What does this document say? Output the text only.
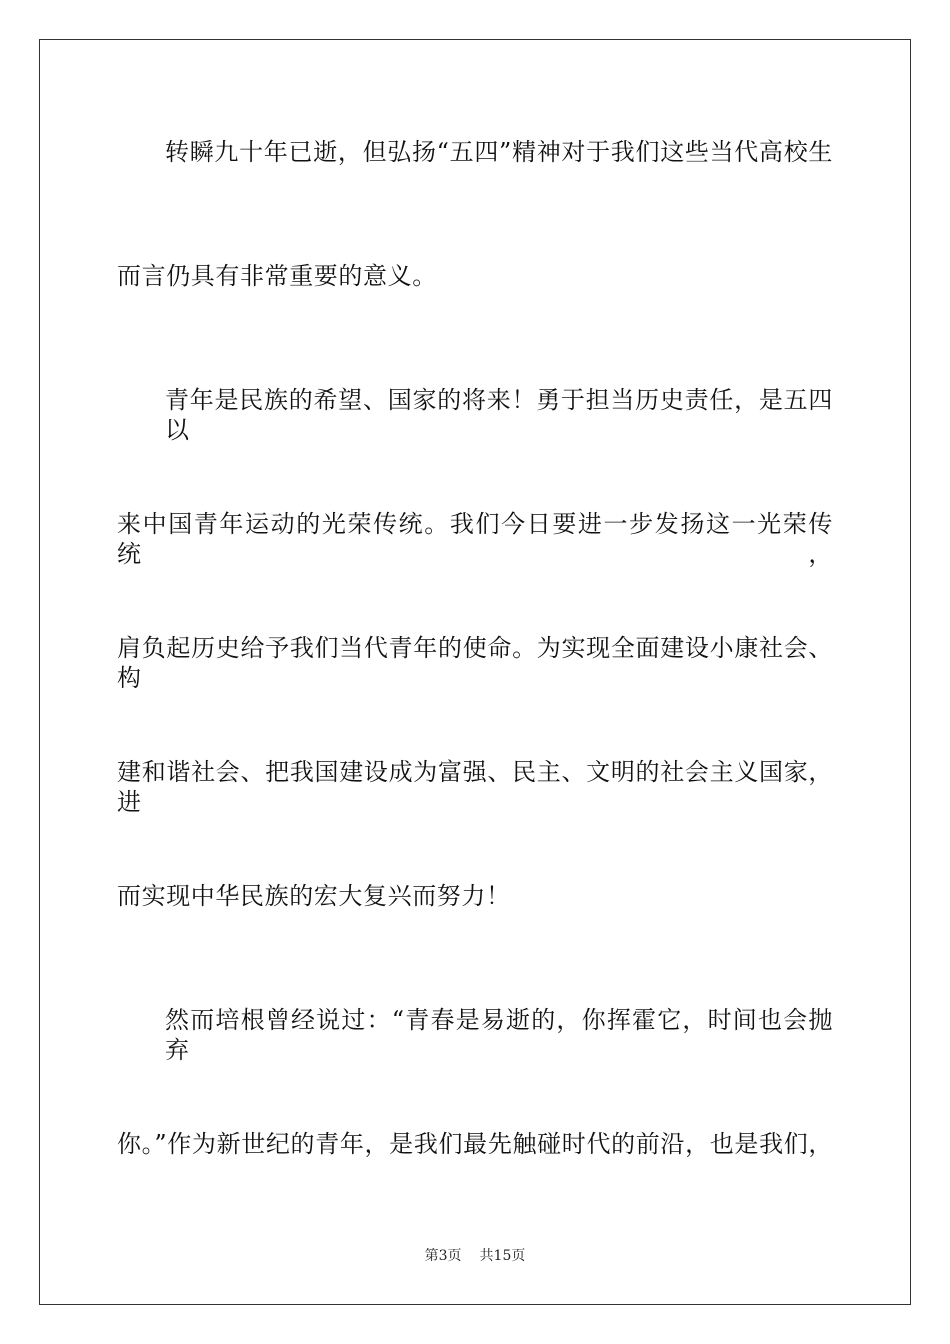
转瞬九十年已逝，但弘扬“五四”精神对于我们这些当代高校生
而言仍具有非常重要的意义。
青年是民族的希望、国家的将来！勇于担当历史责任，是五四以
来中国青年运动的光荣传统。我们今日要进一步发扬这一光荣传统，
肩负起历史给予我们当代青年的使命。为实现全面建设小康社会、构
建和谐社会、把我国建设成为富强、民主、文明的社会主义国家，进
而实现中华民族的宏大复兴而努力！
然而培根曾经说过：“青春是易逝的，你挥霍它，时间也会抛弃
你。”作为新世纪的青年，是我们最先触碰时代的前沿，也是我们，
第3页 共15页
